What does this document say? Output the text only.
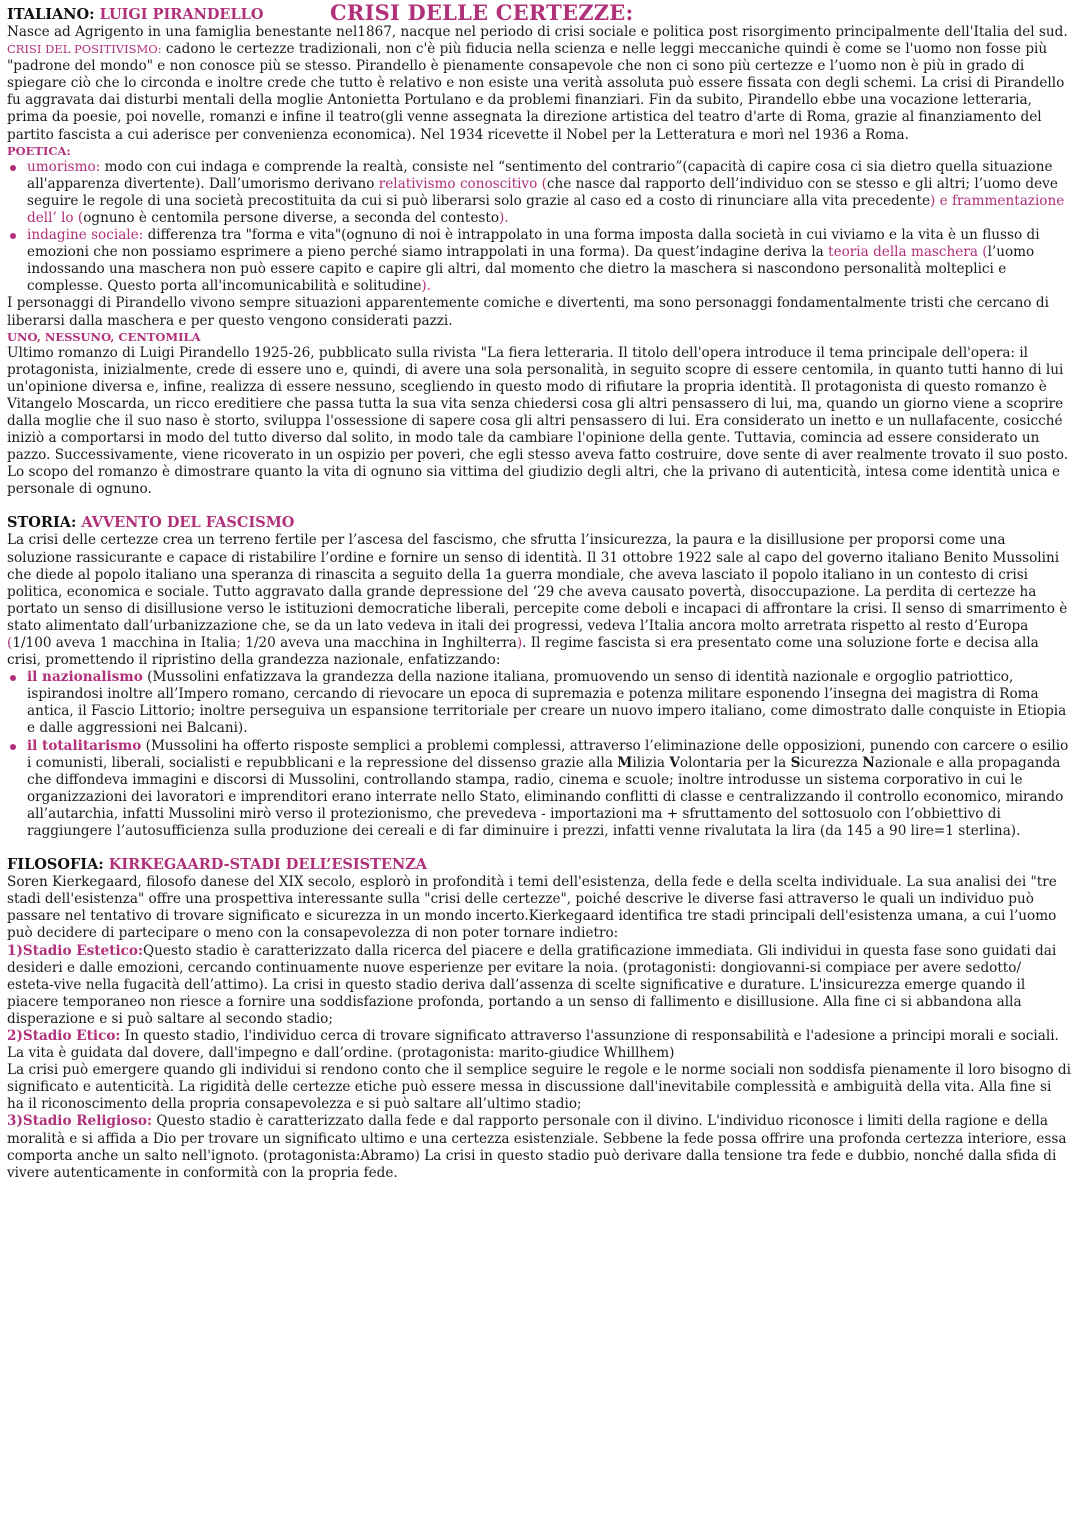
CRISI DELLE CERTEZZE:
ITALIANO: LUIGI PIRANDELLO

Nasce ad Agrigento in una famiglia benestante nel1867, nacque nel periodo di crisi sociale e politica post risorgimento principalmente dell'Italia del sud.

CRISI DEL POSITIVISMO: cadono le certezze tradizionali, non c'è più fiducia nella scienza e nelle leggi meccaniche quindi è come se l'uomo non fosse più "padrone del mondo" e non conosce più se stesso. Pirandello è pienamente consapevole che non ci sono più certezze e l’uomo non è più in grado di spiegare ciò che lo circonda e inoltre crede che tutto è relativo e non esiste una verità assoluta può essere fissata con degli schemi. La crisi di Pirandello fu aggravata dai disturbi mentali della moglie Antonietta Portulano e da problemi finanziari. Fin da subito, Pirandello ebbe una vocazione letteraria, prima da poesie, poi novelle, romanzi e infine il teatro(gli venne assegnata la direzione artistica del teatro d'arte di Roma, grazie al finanziamento del partito fascista a cui aderisce per convenienza economica). Nel 1934 ricevette il Nobel per la Letteratura e morì nel 1936 a Roma.

POETICA:
umorismo: modo con cui indaga e comprende la realtà, consiste nel “sentimento del contrario”(capacità di capire cosa ci sia dietro quella situazione all'apparenza divertente). Dall’umorismo derivano relativismo conoscitivo (che nasce dal rapporto dell’individuo con se stesso e gli altri; l’uomo deve seguire le regole di una società precostituita da cui si può liberarsi solo grazie al caso ed a costo di rinunciare alla vita precedente) e frammentazione dell’ lo (ognuno è centomila persone diverse, a seconda del contesto).
indagine sociale: differenza tra "forma e vita"(ognuno di noi è intrappolato in una forma imposta dalla società in cui viviamo e la vita è un flusso di emozioni che non possiamo esprimere a pieno perché siamo intrappolati in una forma). Da quest’indagine deriva la teoria della maschera (l’uomo indossando una maschera non può essere capito e capire gli altri, dal momento che dietro la maschera si nascondono personalità molteplici e complesse. Questo porta all'incomunicabilità e solitudine).

I personaggi di Pirandello vivono sempre situazioni apparentemente comiche e divertenti, ma sono personaggi fondamentalmente tristi che cercano di liberarsi dalla maschera e per questo vengono considerati pazzi.

UNO, NESSUNO, CENTOMILA

Ultimo romanzo di Luigi Pirandello 1925-26, pubblicato sulla rivista "La fiera letteraria. Il titolo dell'opera introduce il tema principale dell'opera: il protagonista, inizialmente, crede di essere uno e, quindi, di avere una sola personalità, in seguito scopre di essere centomila, in quanto tutti hanno di lui un'opinione diversa e, infine, realizza di essere nessuno, scegliendo in questo modo di rifiutare la propria identità. Il protagonista di questo romanzo è Vitangelo Moscarda, un ricco ereditiere che passa tutta la sua vita senza chiedersi cosa gli altri pensassero di lui, ma, quando un giorno viene a scoprire dalla moglie che il suo naso è storto, sviluppa l'ossessione di sapere cosa gli altri pensassero di lui. Era considerato un inetto e un nullafacente, cosicché iniziò a comportarsi in modo del tutto diverso dal solito, in modo tale da cambiare l'opinione della gente. Tuttavia, comincia ad essere considerato un pazzo. Successivamente, viene ricoverato in un ospizio per poveri, che egli stesso aveva fatto costruire, dove sente di aver realmente trovato il suo posto. Lo scopo del romanzo è dimostrare quanto la vita di ognuno sia vittima del giudizio degli altri, che la privano di autenticità, intesa come identità unica e personale di ognuno.

STORIA: AVVENTO DEL FASCISMO

La crisi delle certezze crea un terreno fertile per l’ascesa del fascismo, che sfrutta l’insicurezza, la paura e la disillusione per proporsi come una soluzione rassicurante e capace di ristabilire l’ordine e fornire un senso di identità. Il 31 ottobre 1922 sale al capo del governo italiano Benito Mussolini che diede al popolo italiano una speranza di rinascita a seguito della 1a guerra mondiale, che aveva lasciato il popolo italiano in un contesto di crisi politica, economica e sociale. Tutto aggravato dalla grande depressione del ‘29 che aveva causato povertà, disoccupazione. La perdita di certezze ha portato un senso di disillusione verso le istituzioni democratiche liberali, percepite come deboli e incapaci di affrontare la crisi. Il senso di smarrimento è stato alimentato dall’urbanizzazione che, se da un lato vedeva in itali dei progressi, vedeva l’Italia ancora molto arretrata rispetto al resto d’Europa (1/100 aveva 1 macchina in Italia; 1/20 aveva una macchina in Inghilterra). Il regime fascista si era presentato come una soluzione forte e decisa alla crisi, promettendo il ripristino della grandezza nazionale, enfatizzando:

il nazionalismo (Mussolini enfatizzava la grandezza della nazione italiana, promuovendo un senso di identità nazionale e orgoglio patriottico, ispirandosi inoltre all’Impero romano, cercando di rievocare un epoca di supremazia e potenza militare esponendo l’insegna dei magistra di Roma antica, il Fascio Littorio; inoltre perseguiva un espansione territoriale per creare un nuovo impero italiano, come dimostrato dalle conquiste in Etiopia e dalle aggressioni nei Balcani).
il totalitarismo (Mussolini ha offerto risposte semplici a problemi complessi, attraverso l’eliminazione delle opposizioni, punendo con carcere o esilio i comunisti, liberali, socialisti e repubblicani e la repressione del dissenso grazie alla Milizia Volontaria per la Sicurezza Nazionale e alla propaganda che diffondeva immagini e discorsi di Mussolini, controllando stampa, radio, cinema e scuole; inoltre introdusse un sistema corporativo in cui le organizzazioni dei lavoratori e imprenditori erano interrate nello Stato, eliminando conflitti di classe e centralizzando il controllo economico, mirando all’autarchia, infatti Mussolini mirò verso il protezionismo, che prevedeva - importazioni ma + sfruttamento del sottosuolo con l’obbiettivo di raggiungere l’autosufficienza sulla produzione dei cereali e di far diminuire i prezzi, infatti venne rivalutata la lira (da 145 a 90 lire=1 sterlina).
FILOSOFIA: KIRKEGAARD-STADI DELL’ESISTENZA

Soren Kierkegaard, filosofo danese del XIX secolo, esplorò in profondità i temi dell'esistenza, della fede e della scelta individuale. La sua analisi dei "tre stadi dell'esistenza" offre una prospettiva interessante sulla "crisi delle certezze", poiché descrive le diverse fasi attraverso le quali un individuo può passare nel tentativo di trovare significato e sicurezza in un mondo incerto.Kierkegaard identifica tre stadi principali dell'esistenza umana, a cui l’uomo può decidere di partecipare o meno con la consapevolezza di non poter tornare indietro:

1)Stadio Estetico:Questo stadio è caratterizzato dalla ricerca del piacere e della gratificazione immediata. Gli individui in questa fase sono guidati dai desideri e dalle emozioni, cercando continuamente nuove esperienze per evitare la noia. (protagonisti: dongiovanni-si compiace per avere sedotto/ esteta-vive nella fugacità dell’attimo). La crisi in questo stadio deriva dall’assenza di scelte significative e durature. L'insicurezza emerge quando il piacere temporaneo non riesce a fornire una soddisfazione profonda, portando a un senso di fallimento e disillusione. Alla fine ci si abbandona alla disperazione e si può saltare al secondo stadio;

2)Stadio Etico: In questo stadio, l'individuo cerca di trovare significato attraverso l'assunzione di responsabilità e l'adesione a principi morali e sociali. La vita è guidata dal dovere, dall'impegno e dall’ordine. (protagonista: marito-giudice Whillhem)

La crisi può emergere quando gli individui si rendono conto che il semplice seguire le regole e le norme sociali non soddisfa pienamente il loro bisogno di significato e autenticità. La rigidità delle certezze etiche può essere messa in discussione dall'inevitabile complessità e ambiguità della vita. Alla fine si ha il riconoscimento della propria consapevolezza e si può saltare all’ultimo stadio;

3)Stadio Religioso: Questo stadio è caratterizzato dalla fede e dal rapporto personale con il divino. L'individuo riconosce i limiti della ragione e della moralità e si affida a Dio per trovare un significato ultimo e una certezza esistenziale. Sebbene la fede possa offrire una profonda certezza interiore, essa comporta anche un salto nell'ignoto. (protagonista:Abramo) La crisi in questo stadio può derivare dalla tensione tra fede e dubbio, nonché dalla sfida di vivere autenticamente in conformità con la propria fede.
